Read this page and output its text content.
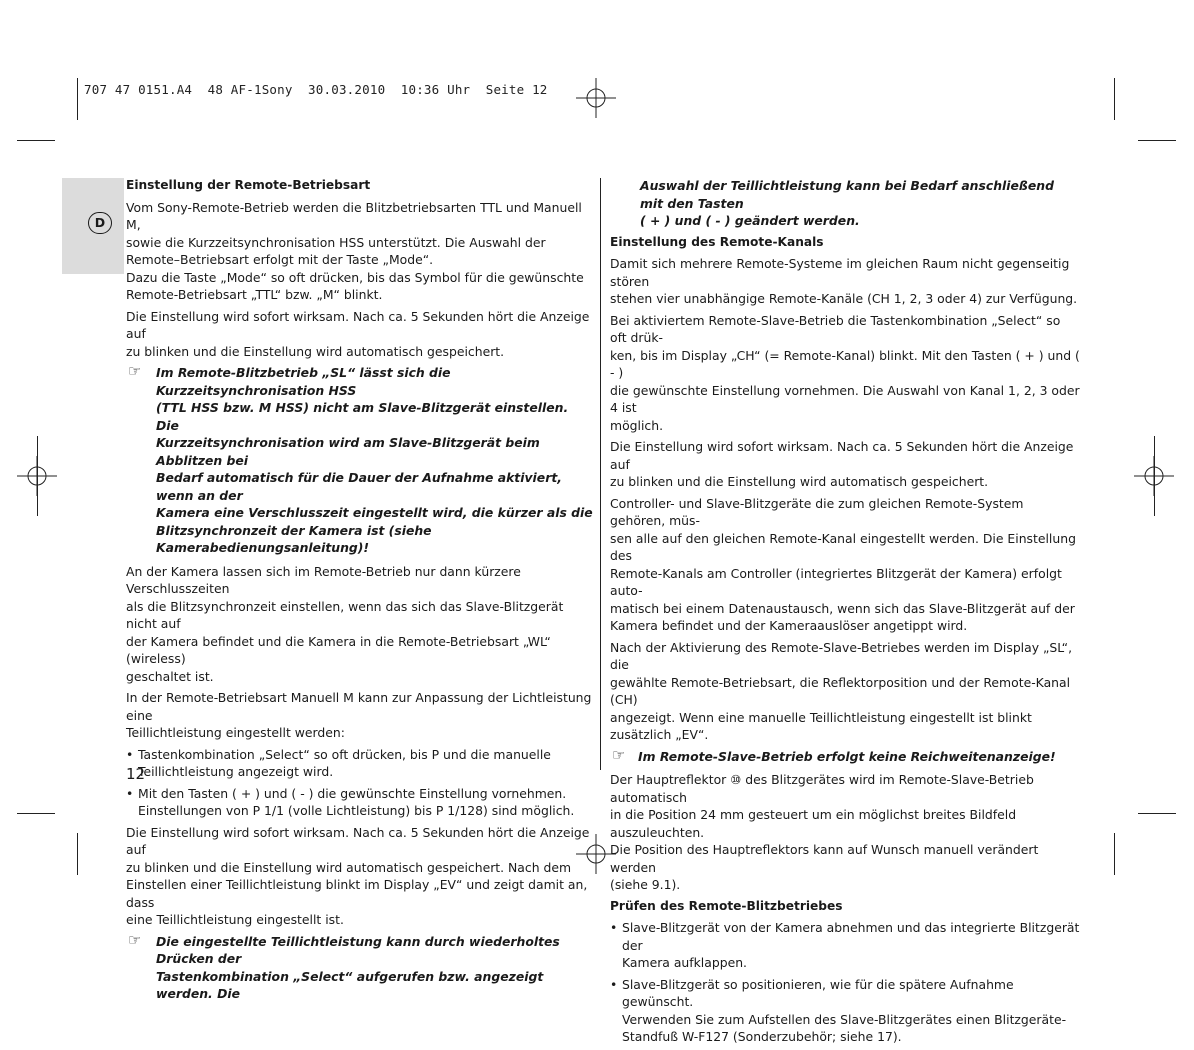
707 47 0151.A4  48 AF-1Sony  30.03.2010  10:36 Uhr  Seite 12
D
Einstellung der Remote-Betriebsart

Vom Sony-Remote-Betrieb werden die Blitzbetriebsarten TTL und Manuell M,
sowie die Kurzzeitsynchronisation HSS unterstützt. Die Auswahl der
Remote–Betriebsart erfolgt mit der Taste „Mode“.
Dazu die Taste „Mode“ so oft drücken, bis das Symbol für die gewünschte
Remote-Betriebsart „TTL“ bzw. „M“ blinkt.

Die Einstellung wird sofort wirksam. Nach ca. 5 Sekunden hört die Anzeige auf
zu blinken und die Einstellung wird automatisch gespeichert.

☞ Im Remote-Blitzbetrieb „SL“ lässt sich die Kurzzeitsynchronisation HSS
(TTL HSS bzw. M HSS) nicht am Slave-Blitzgerät einstellen. Die
Kurzzeitsynchronisation wird am Slave-Blitzgerät beim Abblitzen bei
Bedarf automatisch für die Dauer der Aufnahme aktiviert, wenn an der
Kamera eine Verschlusszeit eingestellt wird, die kürzer als die
Blitzsynchronzeit der Kamera ist (siehe Kamerabedienungsanleitung)!

An der Kamera lassen sich im Remote-Betrieb nur dann kürzere Verschlusszeiten
als die Blitzsynchronzeit einstellen, wenn das sich das Slave-Blitzgerät nicht auf
der Kamera befindet und die Kamera in die Remote-Betriebsart „WL“ (wireless)
geschaltet ist.

In der Remote-Betriebsart Manuell M kann zur Anpassung der Lichtleistung eine
Teillichtleistung eingestellt werden:

• Tastenkombination „Select“ so oft drücken, bis P und die manuelle
Teillichtleistung angezeigt wird.
• Mit den Tasten ( + ) und ( - ) die gewünschte Einstellung vornehmen.
Einstellungen von P 1/1 (volle Lichtleistung) bis P 1/128) sind möglich.

Die Einstellung wird sofort wirksam. Nach ca. 5 Sekunden hört die Anzeige auf
zu blinken und die Einstellung wird automatisch gespeichert. Nach dem
Einstellen einer Teillichtleistung blinkt im Display „EV“ und zeigt damit an, dass
eine Teillichtleistung eingestellt ist.

☞ Die eingestellte Teillichtleistung kann durch wiederholtes Drücken der
Tastenkombination „Select“ aufgerufen bzw. angezeigt werden. Die
12
Auswahl der Teillichtleistung kann bei Bedarf anschließend mit den Tasten
( + ) und ( - ) geändert werden.
Einstellung des Remote-Kanals

Damit sich mehrere Remote-Systeme im gleichen Raum nicht gegenseitig stören
stehen vier unabhängige Remote-Kanäle (CH 1, 2, 3 oder 4) zur Verfügung.

Bei aktiviertem Remote-Slave-Betrieb die Tastenkombination „Select“ so oft drük-
ken, bis im Display „CH“ (= Remote-Kanal) blinkt. Mit den Tasten ( + ) und ( - )
die gewünschte Einstellung vornehmen. Die Auswahl von Kanal 1, 2, 3 oder 4 ist
möglich.

Die Einstellung wird sofort wirksam. Nach ca. 5 Sekunden hört die Anzeige auf
zu blinken und die Einstellung wird automatisch gespeichert.

Controller- und Slave-Blitzgeräte die zum gleichen Remote-System gehören, müs-
sen alle auf den gleichen Remote-Kanal eingestellt werden. Die Einstellung des
Remote-Kanals am Controller (integriertes Blitzgerät der Kamera) erfolgt auto-
matisch bei einem Datenaustausch, wenn sich das Slave-Blitzgerät auf der
Kamera befindet und der Kameraauslöser angetippt wird.

Nach der Aktivierung des Remote-Slave-Betriebes werden im Display „SL“, die
gewählte Remote-Betriebsart, die Reflektorposition und der Remote-Kanal (CH)
angezeigt. Wenn eine manuelle Teillichtleistung eingestellt ist blinkt zusätzlich „EV“.

☞ Im Remote-Slave-Betrieb erfolgt keine Reichweitenanzeige!

Der Hauptreflektor ⑩ des Blitzgerätes wird im Remote-Slave-Betrieb automatisch
in die Position 24 mm gesteuert um ein möglichst breites Bildfeld auszuleuchten.
Die Position des Hauptreflektors kann auf Wunsch manuell verändert werden
(siehe 9.1).

Prüfen des Remote-Blitzbetriebes
• Slave-Blitzgerät von der Kamera abnehmen und das integrierte Blitzgerät der
Kamera aufklappen.
• Slave-Blitzgerät so positionieren, wie für die spätere Aufnahme gewünscht.
Verwenden Sie zum Aufstellen des Slave-Blitzgerätes einen Blitzgeräte-
Standfuß W-F127 (Sonderzubehör; siehe 17).
